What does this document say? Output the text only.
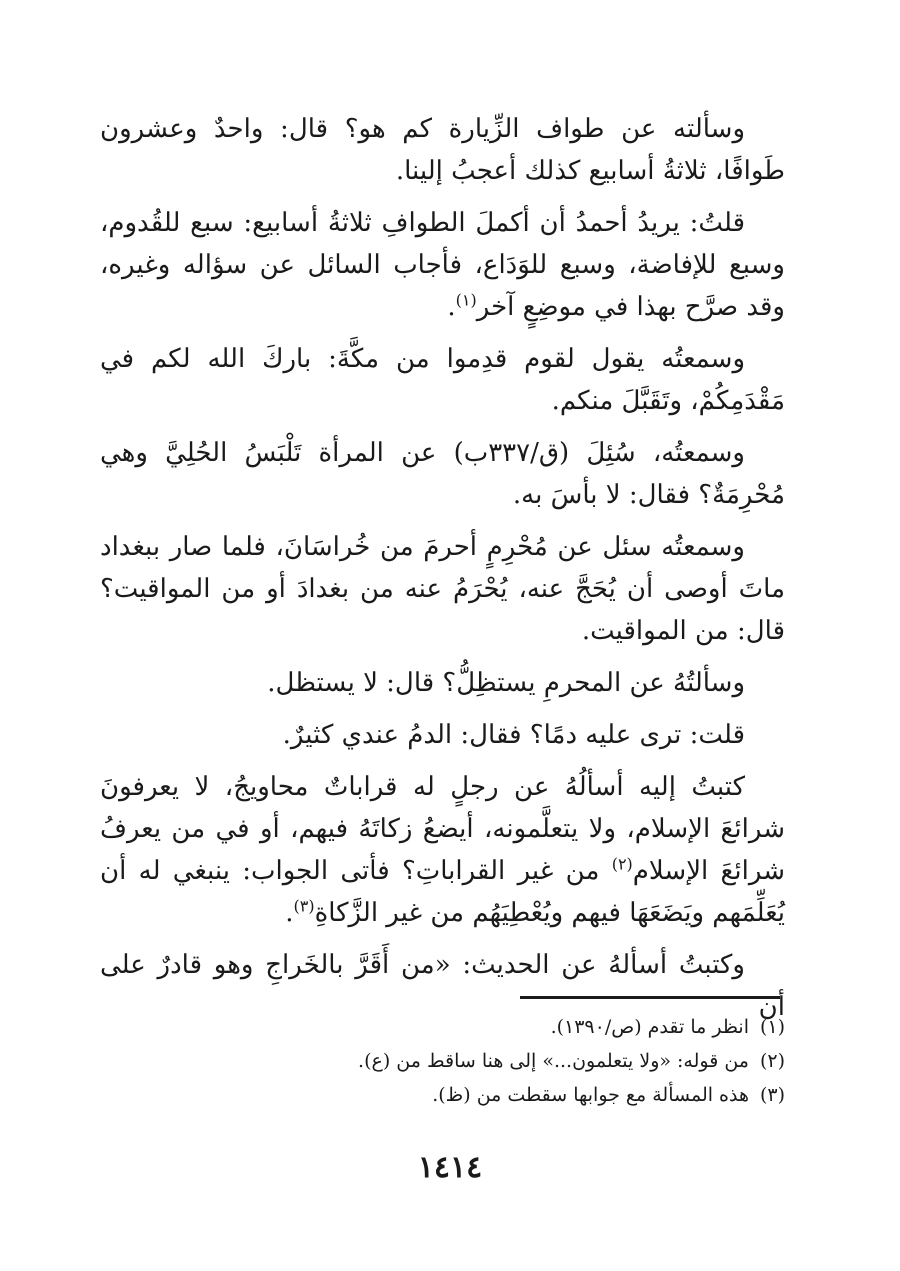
وسألته عن طواف الزِّيارة كم هو؟ قال: واحدٌ وعشرون طَوافًا، ثلاثةُ أسابيع كذلك أعجبُ إلينا.

قلتُ: يريدُ أحمدُ أن أكملَ الطوافِ ثلاثةُ أسابيع: سبع للقُدوم، وسبع للإفاضة، وسبع للوَدَاع، فأجاب السائل عن سؤاله وغيره، وقد صرَّح بهذا في موضِعٍ آخر$^{(١)}$.

وسمعتُه يقول لقوم قدِموا من مكَّةَ: باركَ الله لكم في مَقْدَمِكُمْ، وتَقَبَّلَ منكم.

وسمعتُه، سُئِلَ (ق/٣٣٧ب) عن المرأة تَلْبَسُ الحُلِيَّ وهي مُحْرِمَةٌ؟ فقال: لا بأسَ به.

وسمعتُه سئل عن مُحْرِمٍ أحرمَ من خُراسَانَ، فلما صار ببغداد ماتَ أوصى أن يُحَجَّ عنه، يُحْرَمُ عنه من بغدادَ أو من المواقيت؟ قال: من المواقيت.

وسألتُهُ عن المحرمِ يستظِلُّ؟ قال: لا يستظل.

قلت: ترى عليه دمًا؟ فقال: الدمُ عندي كثيرٌ.

كتبتُ إليه أسألُهُ عن رجلٍ له قراباتٌ محاويجُ، لا يعرفونَ شرائعَ الإسلام، ولا يتعلَّمونه، أيضعُ زكاتَهُ فيهم، أو في من يعرفُ شرائعَ الإسلام$^{(٢)}$ من غير القراباتِ؟ فأتى الجواب: ينبغي له أن يُعَلِّمَهم ويَضَعَهَا فيهم ويُعْطِيَهُم من غير الزَّكاةِ$^{(٣)}$.

وكتبتُ أسألهُ عن الحديث: «من أَقَرَّ بالخَراجِ وهو قادرٌ على أن

(١)انظر ما تقدم (ص/١٣٩٠).

(٢)من قوله: «ولا يتعلمون...» إلى هنا ساقط من (ع).

(٣)هذه المسألة مع جوابها سقطت من (ظ).

١٤١٤
